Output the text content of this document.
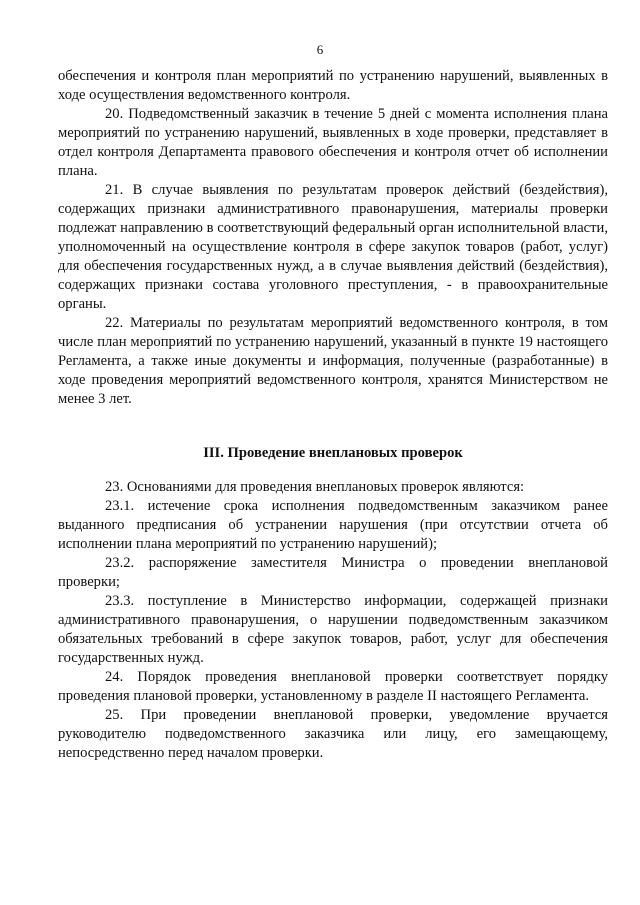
6

обеспечения и контроля план мероприятий по устранению нарушений, выявленных в ходе осуществления ведомственного контроля.

20. Подведомственный заказчик в течение 5 дней с момента исполнения плана мероприятий по устранению нарушений, выявленных в ходе проверки, представляет в отдел контроля Департамента правового обеспечения и контроля отчет об исполнении плана.

21. В случае выявления по результатам проверок действий (бездействия), содержащих признаки административного правонарушения, материалы проверки подлежат направлению в соответствующий федеральный орган исполнительной власти, уполномоченный на осуществление контроля в сфере закупок товаров (работ, услуг) для обеспечения государственных нужд, а в случае выявления действий (бездействия), содержащих признаки состава уголовного преступления, - в правоохранительные органы.

22. Материалы по результатам мероприятий ведомственного контроля, в том числе план мероприятий по устранению нарушений, указанный в пункте 19 настоящего Регламента, а также иные документы и информация, полученные (разработанные) в ходе проведения мероприятий ведомственного контроля, хранятся Министерством не менее 3 лет.

III. Проведение внеплановых проверок

23. Основаниями для проведения внеплановых проверок являются:

23.1. истечение срока исполнения подведомственным заказчиком ранее выданного предписания об устранении нарушения (при отсутствии отчета об исполнении плана мероприятий по устранению нарушений);

23.2. распоряжение заместителя Министра о проведении внеплановой проверки;

23.3. поступление в Министерство информации, содержащей признаки административного правонарушения, о нарушении подведомственным заказчиком обязательных требований в сфере закупок товаров, работ, услуг для обеспечения государственных нужд.

24. Порядок проведения внеплановой проверки соответствует порядку проведения плановой проверки, установленному в разделе II настоящего Регламента.

25. При проведении внеплановой проверки, уведомление вручается руководителю подведомственного заказчика или лицу, его замещающему, непосредственно перед началом проверки.
